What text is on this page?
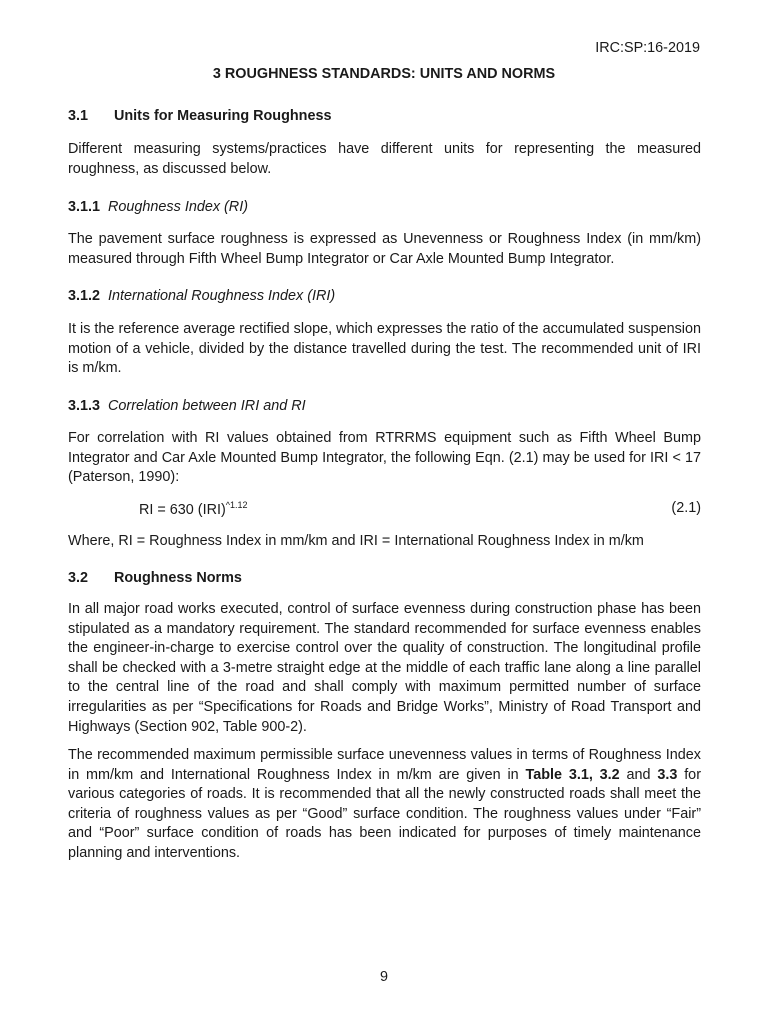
IRC:SP:16-2019
3 ROUGHNESS STANDARDS: UNITS AND NORMS
3.1 Units for Measuring Roughness

Different measuring systems/practices have different units for representing the measured roughness, as discussed below.

3.1.1 Roughness Index (RI)

The pavement surface roughness is expressed as Unevenness or Roughness Index (in mm/km) measured through Fifth Wheel Bump Integrator or Car Axle Mounted Bump Integrator.

3.1.2 International Roughness Index (IRI)

It is the reference average rectified slope, which expresses the ratio of the accumulated suspension motion of a vehicle, divided by the distance travelled during the test. The recommended unit of IRI is m/km.

3.1.3 Correlation between IRI and RI

For correlation with RI values obtained from RTRRMS equipment such as Fifth Wheel Bump Integrator and Car Axle Mounted Bump Integrator, the following Eqn. (2.1) may be used for IRI < 17 (Paterson, 1990):

RI = 630 (IRI)$^{\^{}1.12}$	(2.1)

Where, RI = Roughness Index in mm/km and IRI = International Roughness Index in m/km

3.2 Roughness Norms

In all major road works executed, control of surface evenness during construction phase has been stipulated as a mandatory requirement. The standard recommended for surface evenness enables the engineer-in-charge to exercise control over the quality of construction. The longitudinal profile shall be checked with a 3-metre straight edge at the middle of each traffic lane along a line parallel to the central line of the road and shall comply with maximum permitted number of surface irregularities as per “Specifications for Roads and Bridge Works”, Ministry of Road Transport and Highways (Section 902, Table 900-2).

The recommended maximum permissible surface unevenness values in terms of Roughness Index in mm/km and International Roughness Index in m/km are given in Table 3.1, 3.2 and 3.3 for various categories of roads. It is recommended that all the newly constructed roads shall meet the criteria of roughness values as per “Good” surface condition. The roughness values under “Fair” and “Poor” surface condition of roads has been indicated for purposes of timely maintenance planning and interventions.

9
